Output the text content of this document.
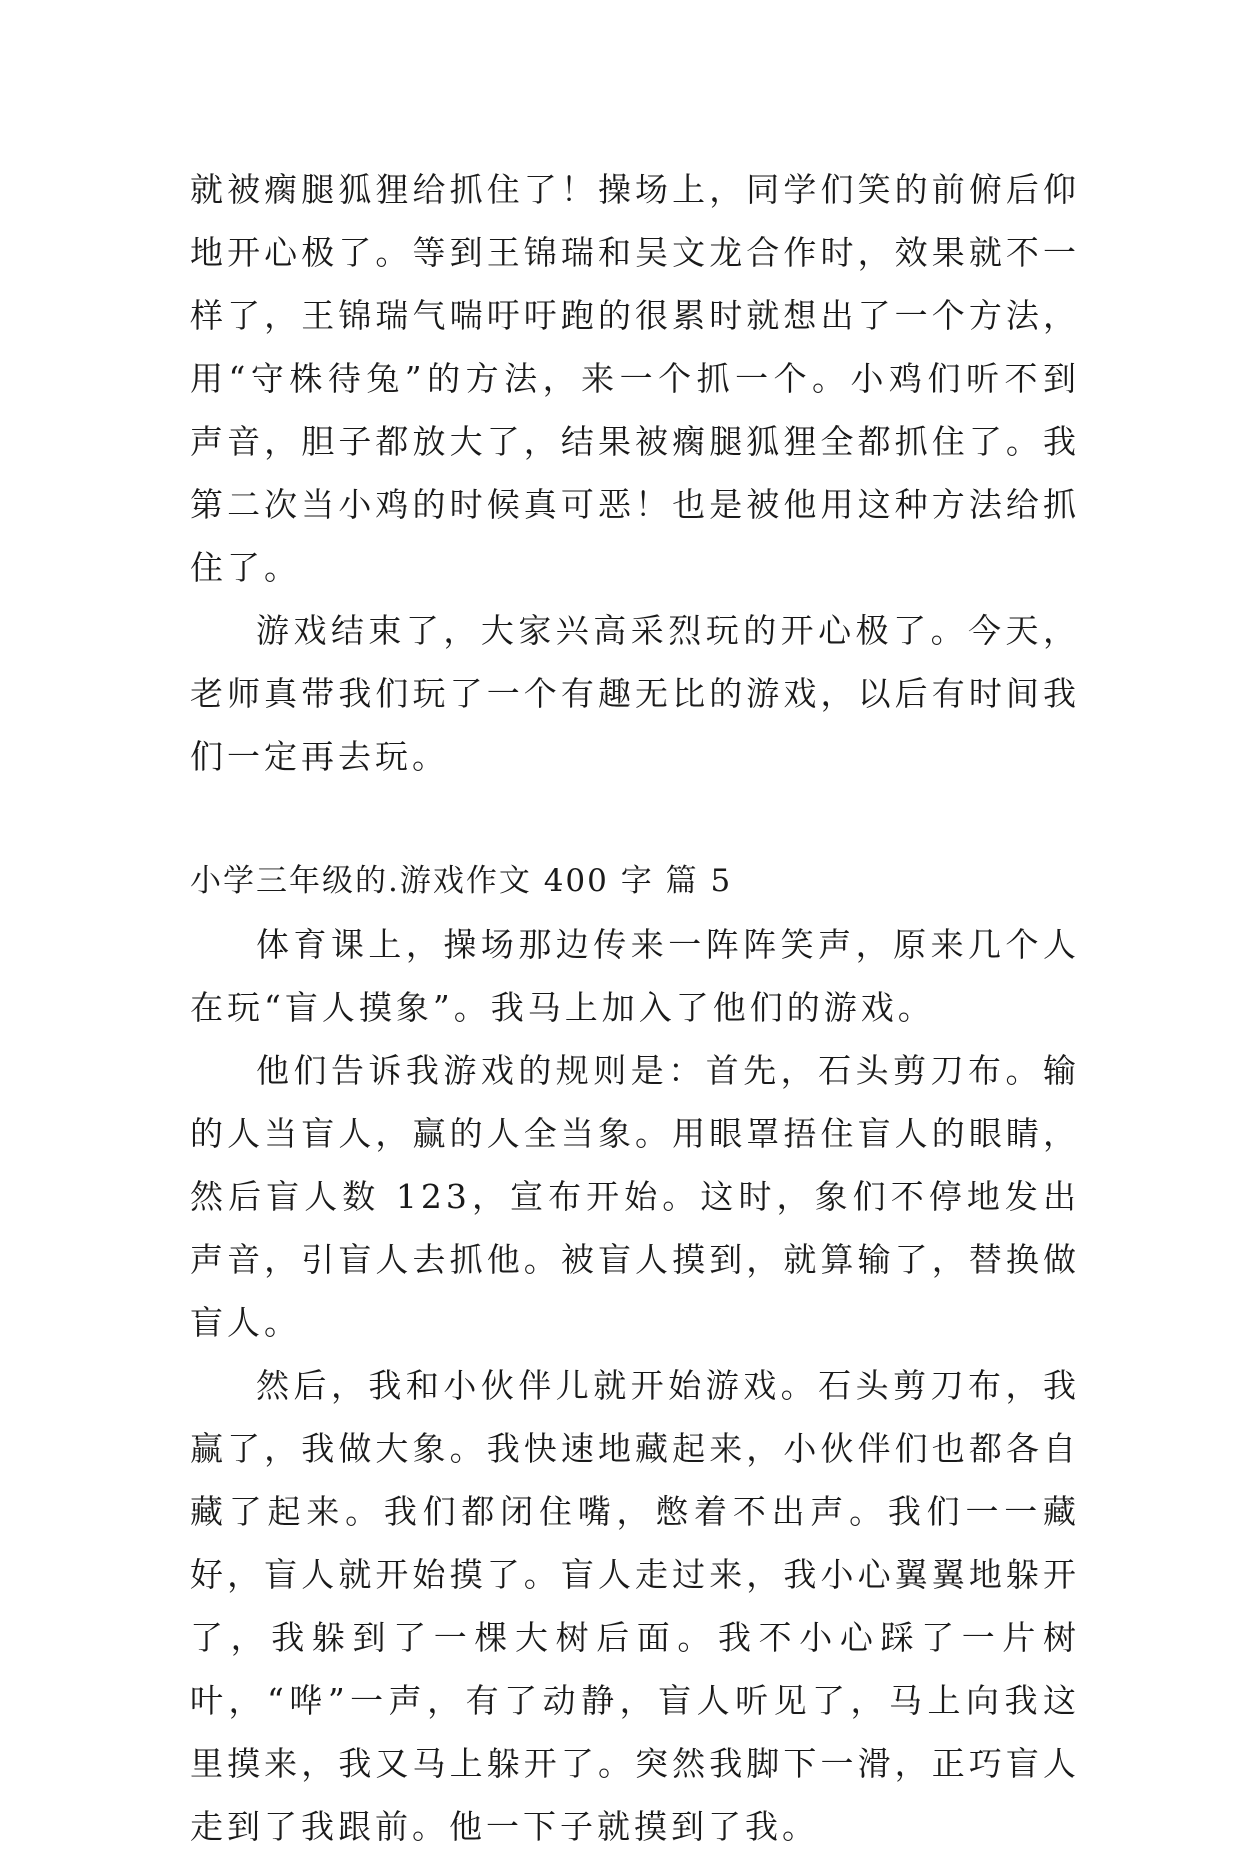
就被瘸腿狐狸给抓住了！操场上，同学们笑的前俯后仰地开心极了。等到王锦瑞和吴文龙合作时，效果就不一样了，王锦瑞气喘吁吁跑的很累时就想出了一个方法，用“守株待兔”的方法，来一个抓一个。小鸡们听不到声音，胆子都放大了，结果被瘸腿狐狸全都抓住了。我第二次当小鸡的时候真可恶！也是被他用这种方法给抓住了。

游戏结束了，大家兴高采烈玩的开心极了。今天，老师真带我们玩了一个有趣无比的游戏，以后有时间我们一定再去玩。

小学三年级的.游戏作文 400 字 篇 5

体育课上，操场那边传来一阵阵笑声，原来几个人在玩“盲人摸象”。我马上加入了他们的游戏。

他们告诉我游戏的规则是：首先，石头剪刀布。输的人当盲人，赢的人全当象。用眼罩捂住盲人的眼睛，然后盲人数 123，宣布开始。这时，象们不停地发出声音，引盲人去抓他。被盲人摸到，就算输了，替换做盲人。

然后，我和小伙伴儿就开始游戏。石头剪刀布，我赢了，我做大象。我快速地藏起来，小伙伴们也都各自藏了起来。我们都闭住嘴，憋着不出声。我们一一藏好，盲人就开始摸了。盲人走过来，我小心翼翼地躲开了，我躲到了一棵大树后面。我不小心踩了一片树叶，“哗”一声，有了动静，盲人听见了，马上向我这里摸来，我又马上躲开了。突然我脚下一滑，正巧盲人走到了我跟前。他一下子就摸到了我。
